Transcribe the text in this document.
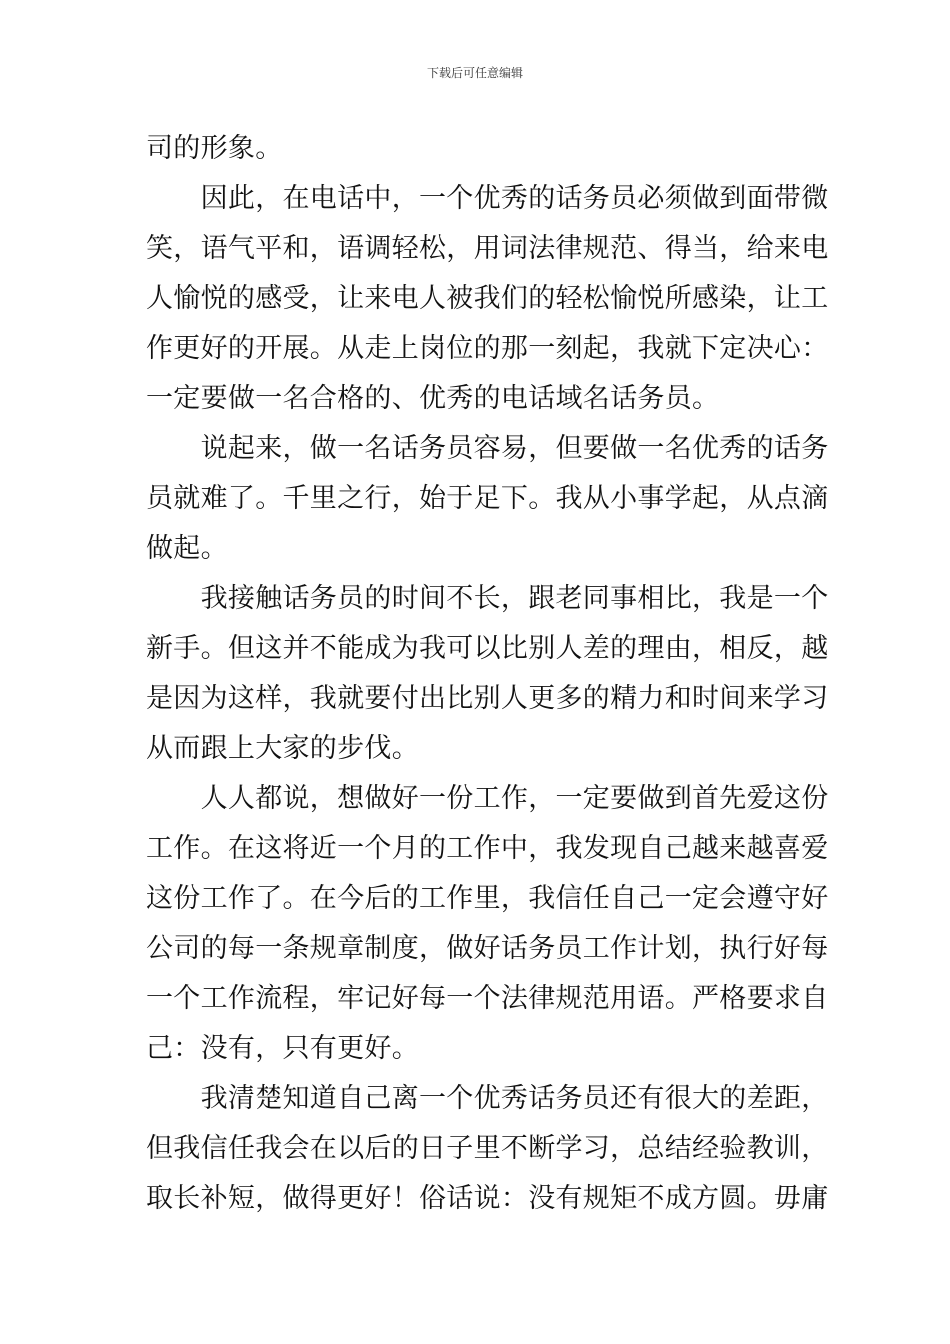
下载后可任意编辑
司的形象。
　　因此，在电话中，一个优秀的话务员必须做到面带微
笑，语气平和，语调轻松，用词法律规范、得当，给来电
人愉悦的感受，让来电人被我们的轻松愉悦所感染，让工
作更好的开展。从走上岗位的那一刻起，我就下定决心：
一定要做一名合格的、优秀的电话域名话务员。
　　说起来，做一名话务员容易，但要做一名优秀的话务
员就难了。千里之行，始于足下。我从小事学起，从点滴
做起。
　　我接触话务员的时间不长，跟老同事相比，我是一个
新手。但这并不能成为我可以比别人差的理由，相反，越
是因为这样，我就要付出比别人更多的精力和时间来学习
从而跟上大家的步伐。
　　人人都说，想做好一份工作，一定要做到首先爱这份
工作。在这将近一个月的工作中，我发现自己越来越喜爱
这份工作了。在今后的工作里，我信任自己一定会遵守好
公司的每一条规章制度，做好话务员工作计划，执行好每
一个工作流程，牢记好每一个法律规范用语。严格要求自
己：没有，只有更好。
　　我清楚知道自己离一个优秀话务员还有很大的差距，
但我信任我会在以后的日子里不断学习，总结经验教训，
取长补短，做得更好！俗话说：没有规矩不成方圆。毋庸
